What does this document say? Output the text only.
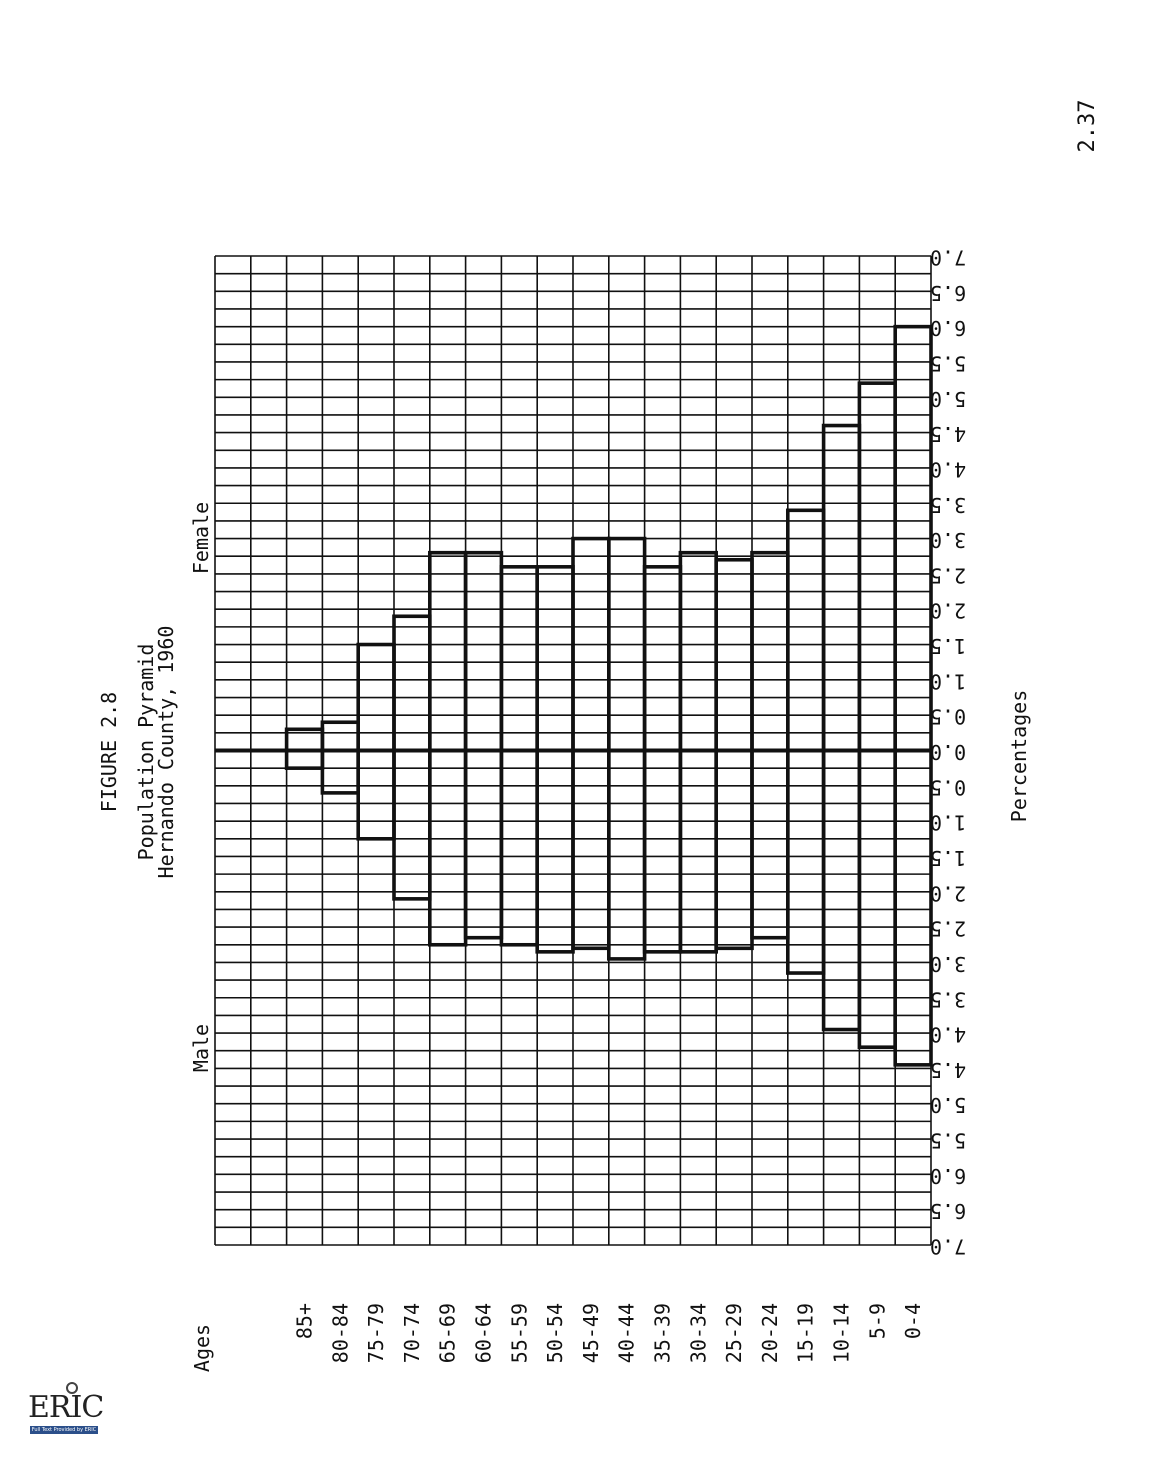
FIGURE 2.8 Population Pyramid
Hernando County, 1960
Male
Female
7.0
6.5
6.0
5.5
5.0
4.5
4.0
3.5
3.0
2.5
2.0
1.5
1.0
0.5
0.0
0.5
1.0
1.5
2.0
2.5
3.0
3.5
4.0
4.5
5.0
5.5
6.0
6.5
7.0
85+ 80-84 75-79 70-74 65-69 60-64 55-59 50-54 45-49 40-44 35-39 30-34 25-29 20-24 15-19 10-14 5-9 0-4
Ages
Percentages
2.37
ERIC
Full Text Provided by ERIC
